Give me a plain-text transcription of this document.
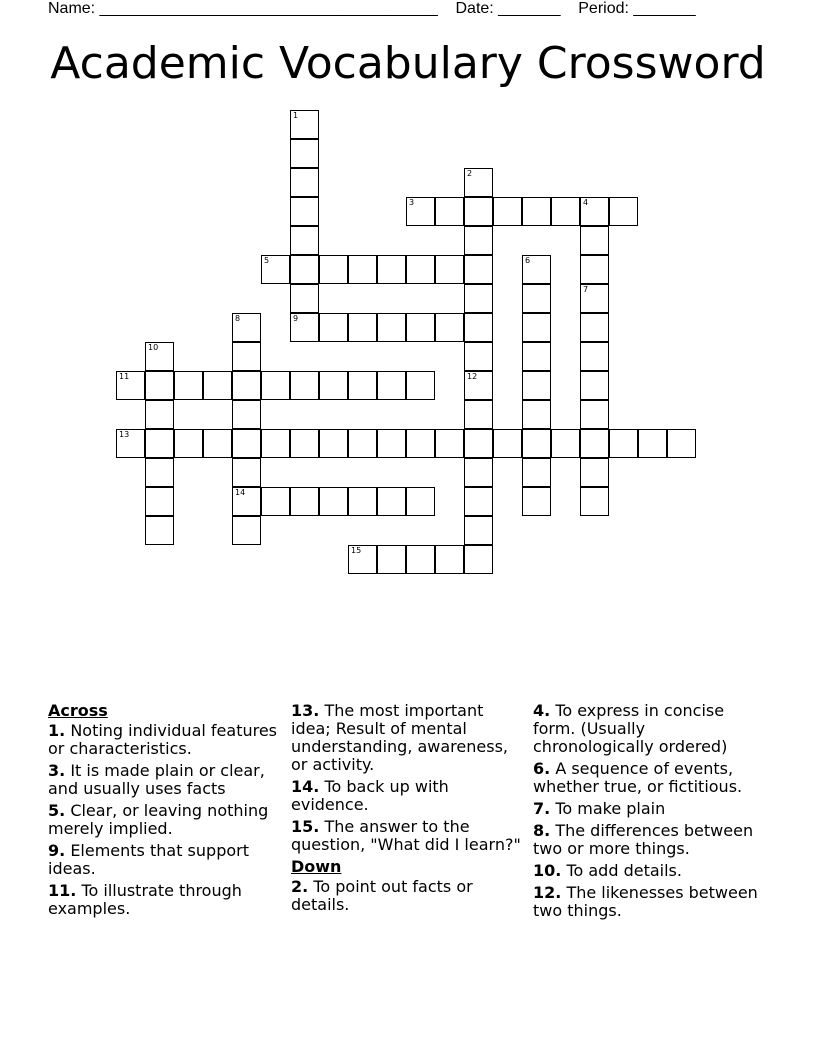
Name: ______________________________________    Date: _______    Period: _______
Academic Vocabulary Crossword
1
9
3	4
2
12
7
5	6
8
14
10
11
13
15
Across
1. Noting individual features or characteristics.
3. It is made plain or clear, and usually uses facts
5. Clear, or leaving nothing merely implied.
9. Elements that support ideas.
11. To illustrate through examples.
13. The most important idea; Result of mental understanding, awareness, or activity.
14. To back up with evidence.
15. The answer to the question, "What did I learn?"
Down
2. To point out facts or details.
4. To express in concise form. (Usually chronologically ordered)
6. A sequence of events, whether true, or fictitious.
7. To make plain
8. The differences between two or more things.
10. To add details.
12. The likenesses between two things.
